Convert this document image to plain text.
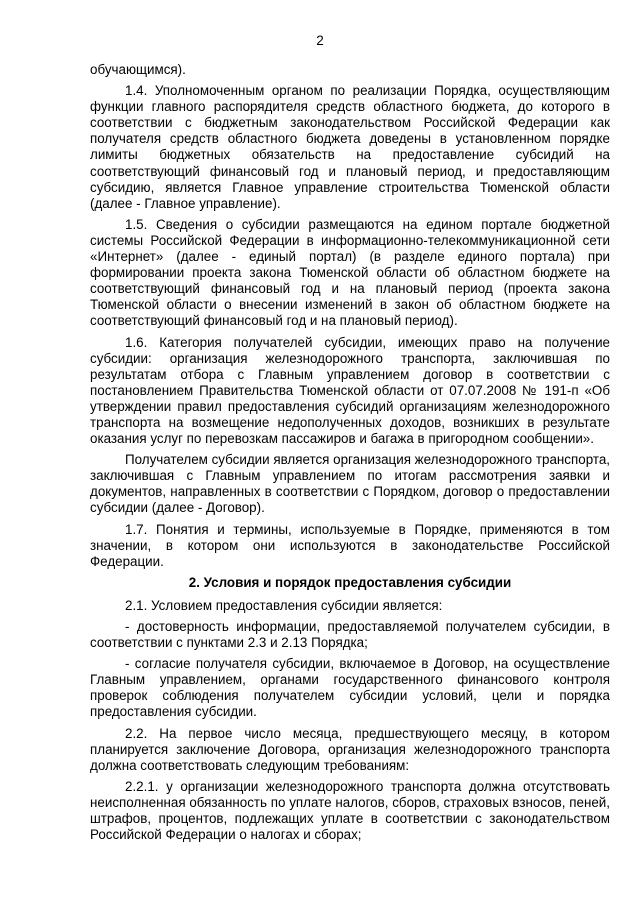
2

обучающимся).

1.4. Уполномоченным органом по реализации Порядка, осуществляющим функции главного распорядителя средств областного бюджета, до которого в соответствии с бюджетным законодательством Российской Федерации как получателя средств областного бюджета доведены в установленном порядке лимиты бюджетных обязательств на предоставление субсидий на соответствующий финансовый год и плановый период, и предоставляющим субсидию, является Главное управление строительства Тюменской области (далее - Главное управление).

1.5. Сведения о субсидии размещаются на едином портале бюджетной системы Российской Федерации в информационно-телекоммуникационной сети «Интернет» (далее - единый портал) (в разделе единого портала) при формировании проекта закона Тюменской области об областном бюджете на соответствующий финансовый год и на плановый период (проекта закона Тюменской области о внесении изменений в закон об областном бюджете на соответствующий финансовый год и на плановый период).

1.6. Категория получателей субсидии, имеющих право на получение субсидии: организация железнодорожного транспорта, заключившая по результатам отбора с Главным управлением договор в соответствии с постановлением Правительства Тюменской области от 07.07.2008 № 191-п «Об утверждении правил предоставления субсидий организациям железнодорожного транспорта на возмещение недополученных доходов, возникших в результате оказания услуг по перевозкам пассажиров и багажа в пригородном сообщении».

Получателем субсидии является организация железнодорожного транспорта, заключившая с Главным управлением по итогам рассмотрения заявки и документов, направленных в соответствии с Порядком, договор о предоставлении субсидии (далее - Договор).

1.7. Понятия и термины, используемые в Порядке, применяются в том значении, в котором они используются в законодательстве Российской Федерации.

2. Условия и порядок предоставления субсидии

2.1. Условием предоставления субсидии является:

- достоверность информации, предоставляемой получателем субсидии, в соответствии с пунктами 2.3 и 2.13 Порядка;

- согласие получателя субсидии, включаемое в Договор, на осуществление Главным управлением, органами государственного финансового контроля проверок соблюдения получателем субсидии условий, цели и порядка предоставления субсидии.

2.2. На первое число месяца, предшествующего месяцу, в котором планируется заключение Договора, организация железнодорожного транспорта должна соответствовать следующим требованиям:

2.2.1. у организации железнодорожного транспорта должна отсутствовать неисполненная обязанность по уплате налогов, сборов, страховых взносов, пеней, штрафов, процентов, подлежащих уплате в соответствии с законодательством Российской Федерации о налогах и сборах;
